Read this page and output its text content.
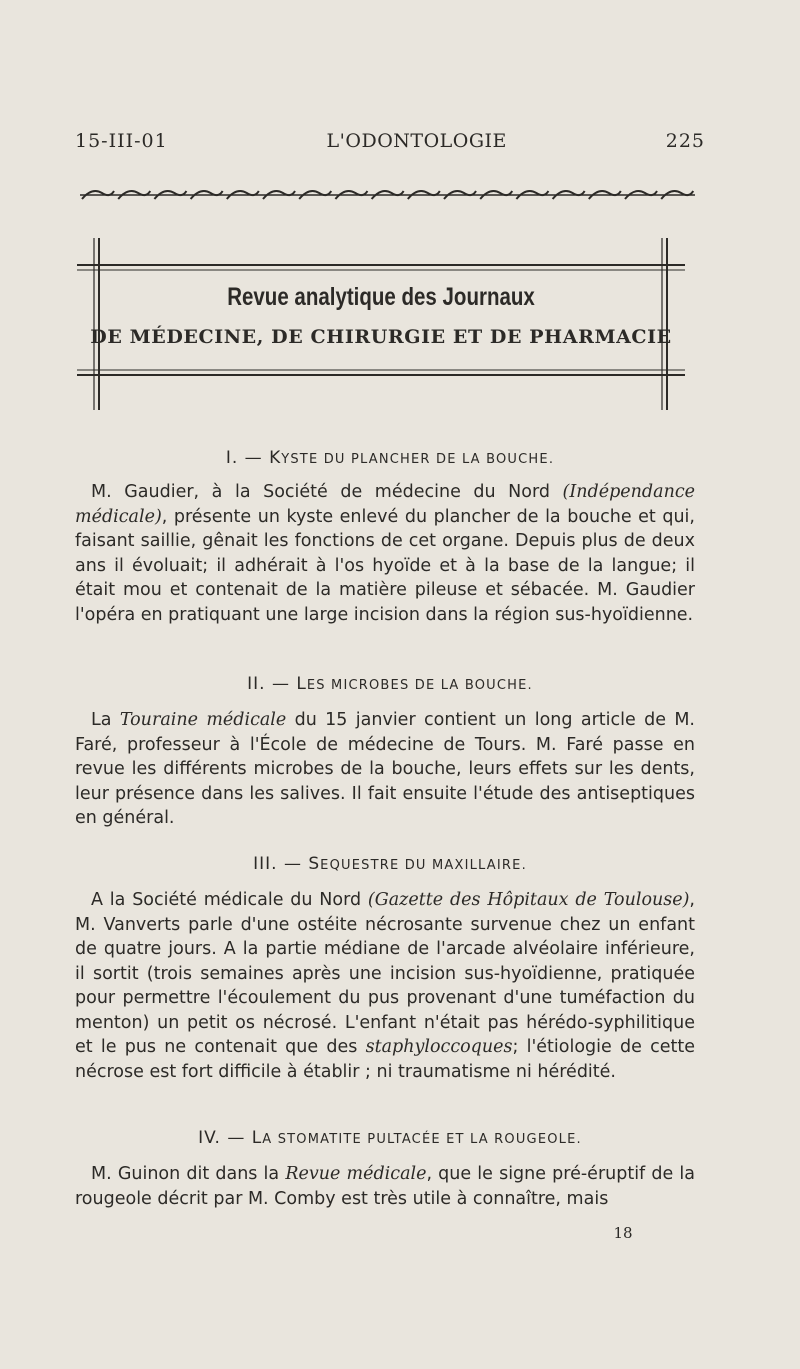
15-III-01	L'ODONTOLOGIE	225
Revue analytique des Journaux
DE MÉDECINE, DE CHIRURGIE ET DE PHARMACIE
I. — KYSTE DU PLANCHER DE LA BOUCHE.
M. Gaudier, à la Société de médecine du Nord (Indépendance médicale), présente un kyste enlevé du plancher de la bouche et qui, faisant saillie, gênait les fonctions de cet organe. Depuis plus de deux ans il évoluait; il adhérait à l'os hyoïde et à la base de la langue; il était mou et contenait de la matière pileuse et sébacée. M. Gaudier l'opéra en pratiquant une large incision dans la région sus-hyoïdienne.
II. — LES MICROBES DE LA BOUCHE.
La Touraine médicale du 15 janvier contient un long article de M. Faré, professeur à l'École de médecine de Tours. M. Faré passe en revue les différents microbes de la bouche, leurs effets sur les dents, leur présence dans les salives. Il fait ensuite l'étude des antiseptiques en général.
III. — SEQUESTRE DU MAXILLAIRE.
A la Société médicale du Nord (Gazette des Hôpitaux de Toulouse), M. Vanverts parle d'une ostéite nécrosante survenue chez un enfant de quatre jours. A la partie médiane de l'arcade alvéolaire inférieure, il sortit (trois semaines après une incision sus-hyoïdienne, pratiquée pour permettre l'écoulement du pus provenant d'une tuméfaction du menton) un petit os nécrosé. L'enfant n'était pas hérédo-syphilitique et le pus ne contenait que des staphyloccoques; l'étiologie de cette nécrose est fort difficile à établir ; ni traumatisme ni hérédité.
IV. — LA STOMATITE PULTACÉE ET LA ROUGEOLE.
M. Guinon dit dans la Revue médicale, que le signe pré-éruptif de la rougeole décrit par M. Comby est très utile à connaître, mais
18
